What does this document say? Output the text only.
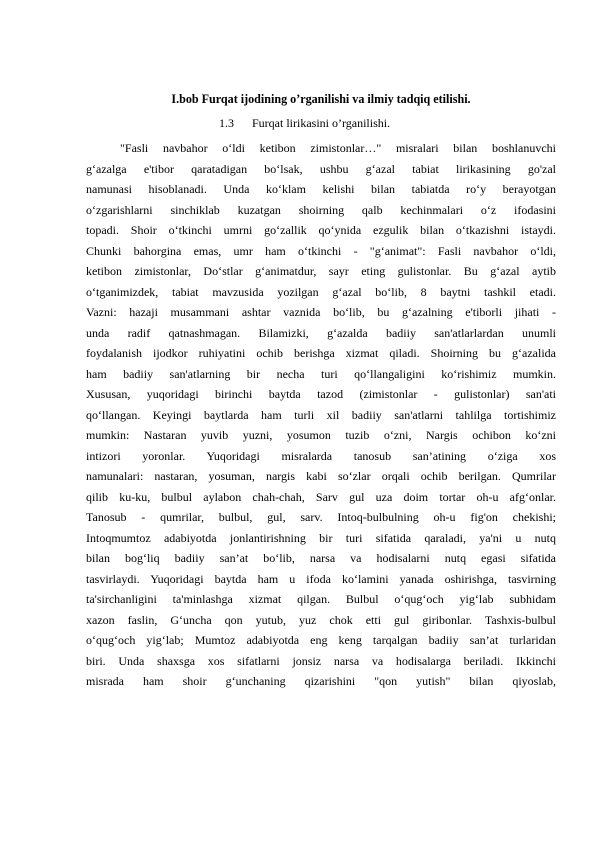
I.bob Furqat ijodining o’rganilishi va ilmiy tadqiq etilishi.
1.3 Furqat lirikasini o’rganilishi.
"Fasli navbahor o‘ldi ketibon zimistonlar…" misralari bilan boshlanuvchi
g‘azalga e'tibor qaratadigan bo‘lsak, ushbu g‘azal tabiat lirikasining go'zal
namunasi hisoblanadi. Unda ko‘klam kelishi bilan tabiatda ro‘y berayotgan
o‘zgarishlarni sinchiklab kuzatgan shoirning qalb kechinmalari o‘z ifodasini
topadi. Shoir o‘tkinchi umrni go‘zallik qo‘ynida ezgulik bilan o‘tkazishni istaydi.
Chunki bahorgina emas, umr ham o‘tkinchi - "g‘animat": Fasli navbahor o‘ldi,
ketibon zimistonlar, Do‘stlar g‘animatdur, sayr eting gulistonlar. Bu g‘azal aytib
o‘tganimizdek, tabiat mavzusida yozilgan g‘azal bo‘lib, 8 baytni tashkil etadi.
Vazni: hazaji musammani ashtar vaznida bo‘lib, bu g‘azalning e'tiborli jihati -
unda radif qatnashmagan. Bilamizki, g‘azalda badiiy san'atlarlardan unumli
foydalanish ijodkor ruhiyatini ochib berishga xizmat qiladi. Shoirning bu g‘azalida
ham badiiy san'atlarning bir necha turi qo‘llangaligini ko‘rishimiz mumkin.
Xususan, yuqoridagi birinchi baytda tazod (zimistonlar - gulistonlar) san'ati
qo‘llangan. Keyingi baytlarda ham turli xil badiiy san'atlarni tahlilga tortishimiz
mumkin: Nastaran yuvib yuzni, yosumon tuzib o‘zni, Nargis ochibon ko‘zni
intizori yoronlar. Yuqoridagi misralarda tanosub san’atining o‘ziga xos
namunalari: nastaran, yosuman, nargis kabi so‘zlar orqali ochib berilgan. Qumrilar
qilib ku-ku, bulbul aylabon chah-chah, Sarv gul uza doim tortar oh-u afg‘onlar.
Tanosub - qumrilar, bulbul, gul, sarv. Intoq-bulbulning oh-u fig'on chekishi;
Intoqmumtoz adabiyotda jonlantirishning bir turi sifatida qaraladi, ya'ni u nutq
bilan bog‘liq badiiy san’at bo‘lib, narsa va hodisalarni nutq egasi sifatida
tasvirlaydi. Yuqoridagi baytda ham u ifoda ko‘lamini yanada oshirishga, tasvirning
ta'sirchanligini ta'minlashga xizmat qilgan. Bulbul o‘qug‘och yig‘lab subhidam
xazon faslin, G‘uncha qon yutub, yuz chok etti gul giribonlar. Tashxis-bulbul
o‘qug‘och yig‘lab; Mumtoz adabiyotda eng keng tarqalgan badiiy san’at turlaridan
biri. Unda shaxsga xos sifatlarni jonsiz narsa va hodisalarga beriladi. Ikkinchi
misrada ham shoir g‘unchaning qizarishini "qon yutish" bilan qiyoslab,
